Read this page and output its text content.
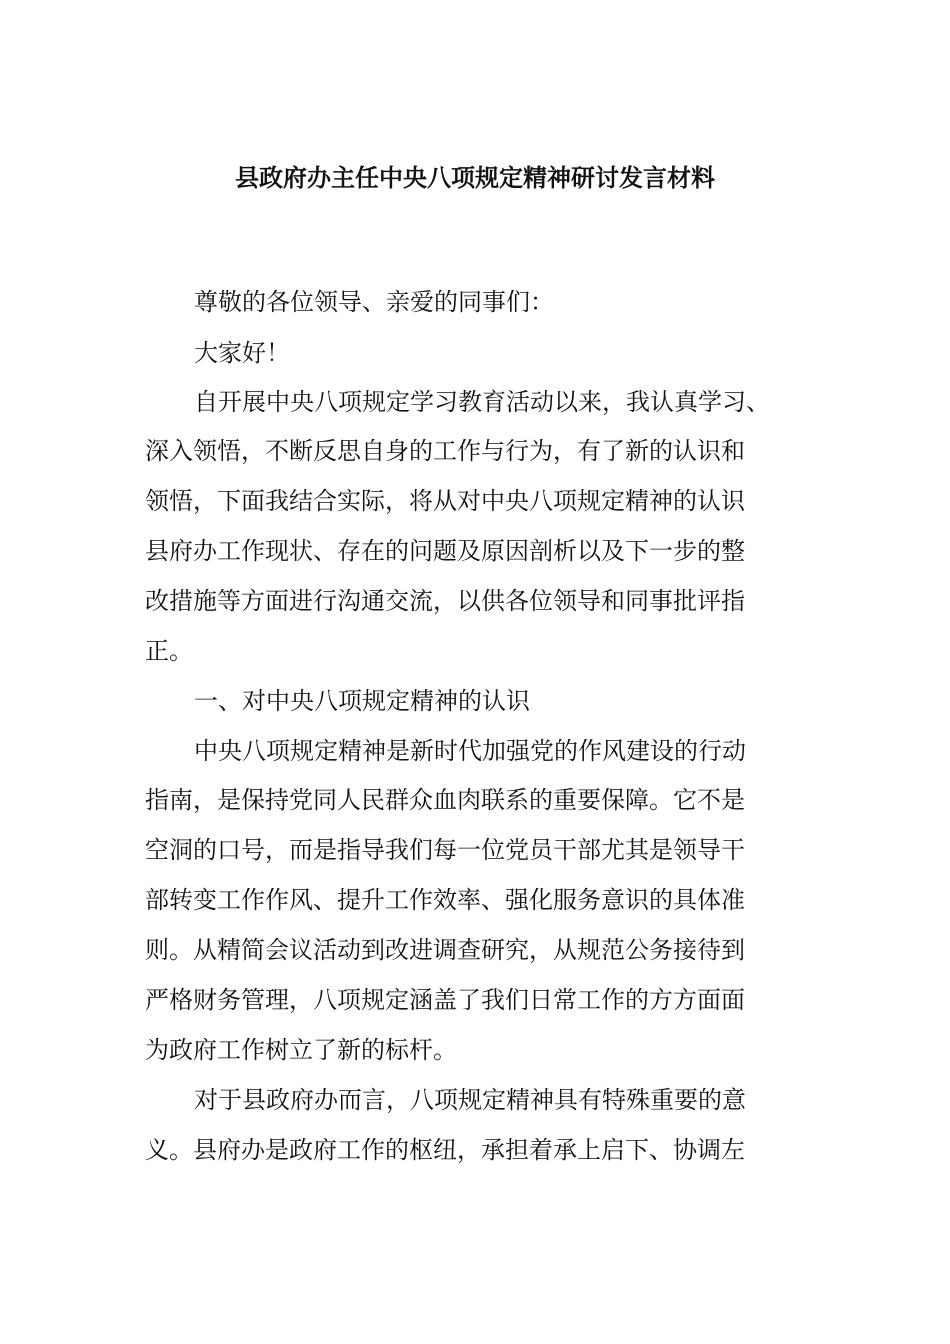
县政府办主任中央八项规定精神研讨发言材料

尊敬的各位领导、亲爱的同事们：

大家好！

自开展中央八项规定学习教育活动以来，我认真学习、

深入领悟，不断反思自身的工作与行为，有了新的认识和

领悟，下面我结合实际，将从对中央八项规定精神的认识

县府办工作现状、存在的问题及原因剖析以及下一步的整

改措施等方面进行沟通交流，以供各位领导和同事批评指

正。

一、对中央八项规定精神的认识

中央八项规定精神是新时代加强党的作风建设的行动

指南，是保持党同人民群众血肉联系的重要保障。它不是

空洞的口号，而是指导我们每一位党员干部尤其是领导干

部转变工作作风、提升工作效率、强化服务意识的具体准

则。从精简会议活动到改进调查研究，从规范公务接待到

严格财务管理，八项规定涵盖了我们日常工作的方方面面

为政府工作树立了新的标杆。

对于县政府办而言，八项规定精神具有特殊重要的意

义。县府办是政府工作的枢纽，承担着承上启下、协调左
